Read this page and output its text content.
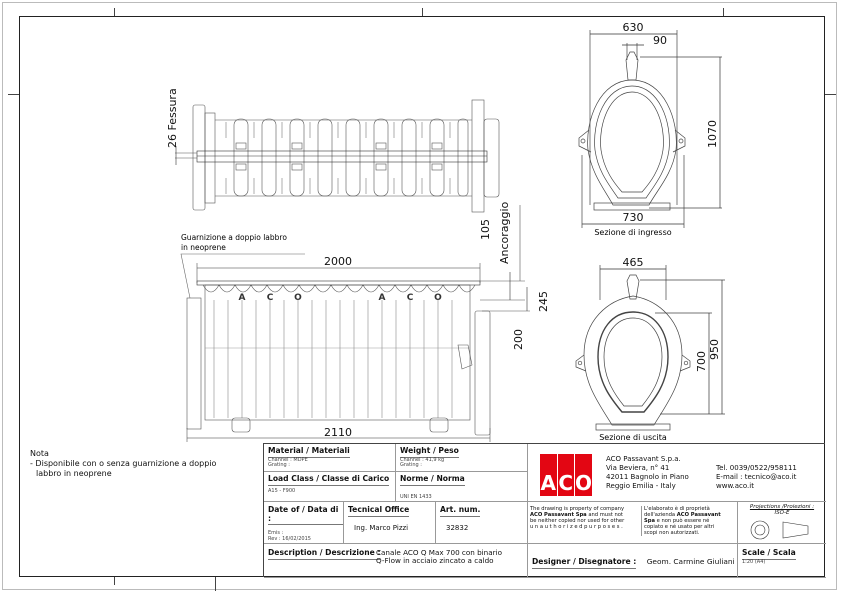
26 Fessura
A C O	A C O
2000
2110
105 Ancoraggio
245
200
Guarnizione a doppio labbro
in neoprene
630
90
1070
730
Sezione di ingresso
465
700
950
Sezione di uscita
Nota
- Disponibile con o senza guarnizione a doppio
labbro in neoprene
Material / Materiali
Channel : MDPE
Grating :
Weight / Peso
Channel : 41,9 kg
Grating :
Load Class / Classe di Carico
A15 - F900
Norme / Norma
UNI EN 1433
Date of / Data di :
Emis :
Rev : 16/02/2015
Tecnical Office
Ing. Marco Pizzi
Art. num.
32832
Description / Descrizione :
Canale ACO Q Max 700 con binario
Q-Flow in acciaio zincato a caldo
Projections /Proiezioni :
ISO-E
Designer / Disegnatore : Geom. Carmine Giuliani
Scale / Scala
1:20 (A4)
A C O
ACO Passavant S.p.a.
Via Beviera, n° 41
42011 Bagnolo in Piano
Reggio Emilia - Italy
Tel. 0039/0522/958111
E-mail : tecnico@aco.it
www.aco.it
The drawing is property of company
ACO Passavant Spa and must not
be neither copied nor used for other
u n a u t h o r i z e d p u r p o s e s .
L'elaborato è di proprietà
dell'azienda ACO Passavant
Spa e non può essere né
copiato e né usato per altri
scopi non autorizzati.
